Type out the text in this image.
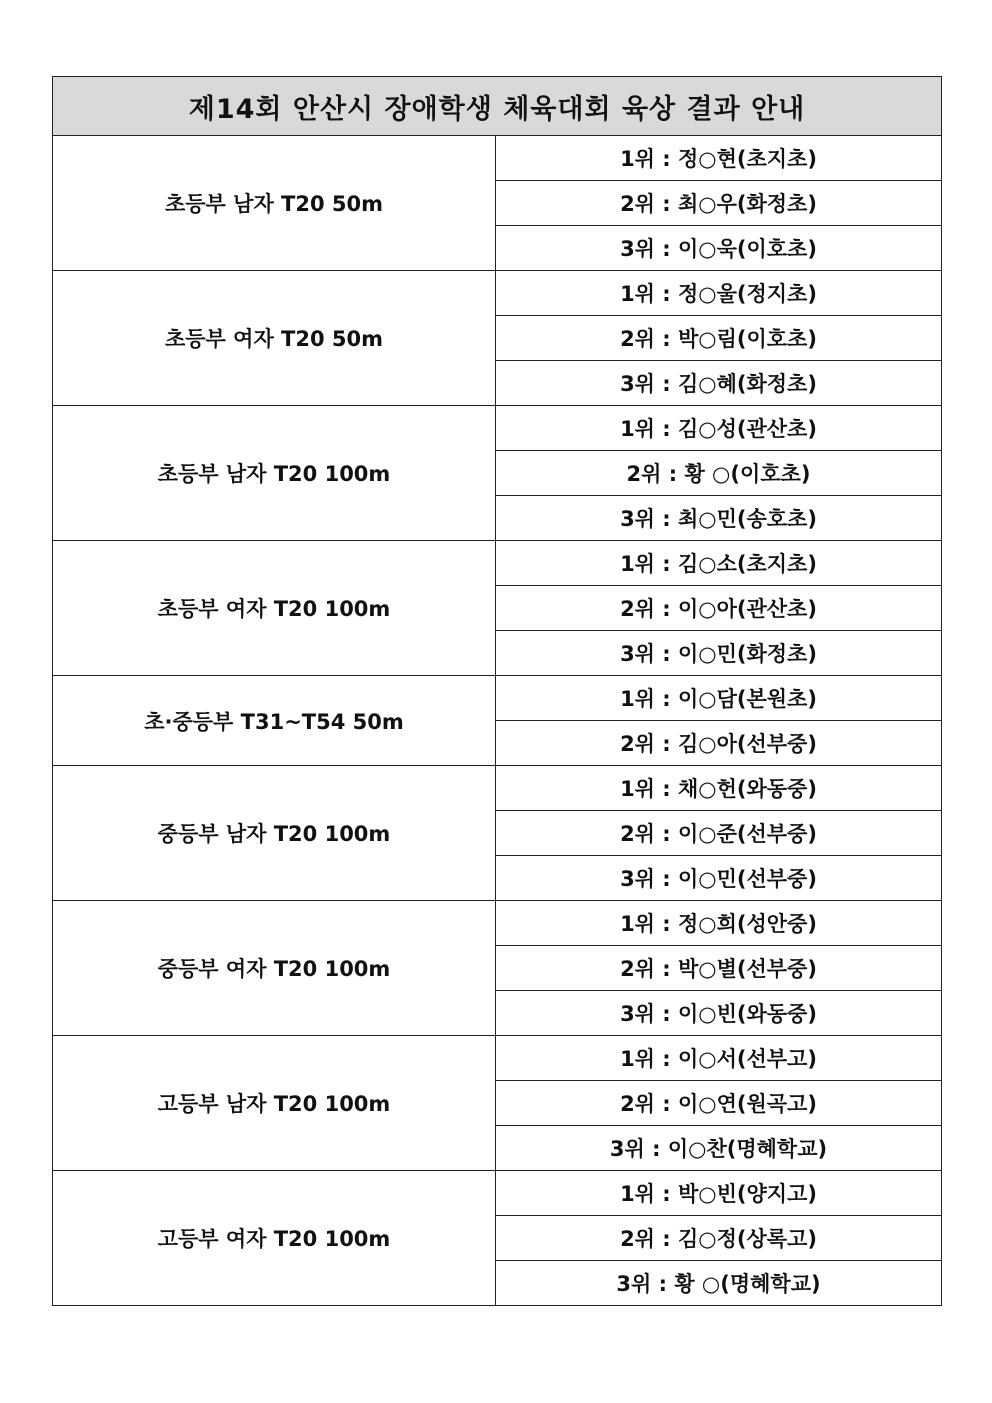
제14회 안산시 장애학생 체육대회 육상 결과 안내	
초등부 남자 T20 50m	1위 : 정○현(초지초)
	2위 : 최○우(화정초)
	3위 : 이○욱(이호초)
초등부 여자 T20 50m	1위 : 정○울(정지초)
	2위 : 박○림(이호초)
	3위 : 김○혜(화정초)
초등부 남자 T20 100m	1위 : 김○성(관산초)
	2위 : 황 ○(이호초)
	3위 : 최○민(송호초)
초등부 여자 T20 100m	1위 : 김○소(초지초)
	2위 : 이○아(관산초)
	3위 : 이○민(화정초)
초·중등부 T31~T54 50m	1위 : 이○담(본원초)
	2위 : 김○아(선부중)
중등부 남자 T20 100m	1위 : 채○헌(와동중)
	2위 : 이○준(선부중)
	3위 : 이○민(선부중)
중등부 여자 T20 100m	1위 : 정○희(성안중)
	2위 : 박○별(선부중)
	3위 : 이○빈(와동중)
고등부 남자 T20 100m	1위 : 이○서(선부고)
	2위 : 이○연(원곡고)
	3위 : 이○찬(명혜학교)
고등부 여자 T20 100m	1위 : 박○빈(양지고)
	2위 : 김○정(상록고)
	3위 : 황 ○(명혜학교)
